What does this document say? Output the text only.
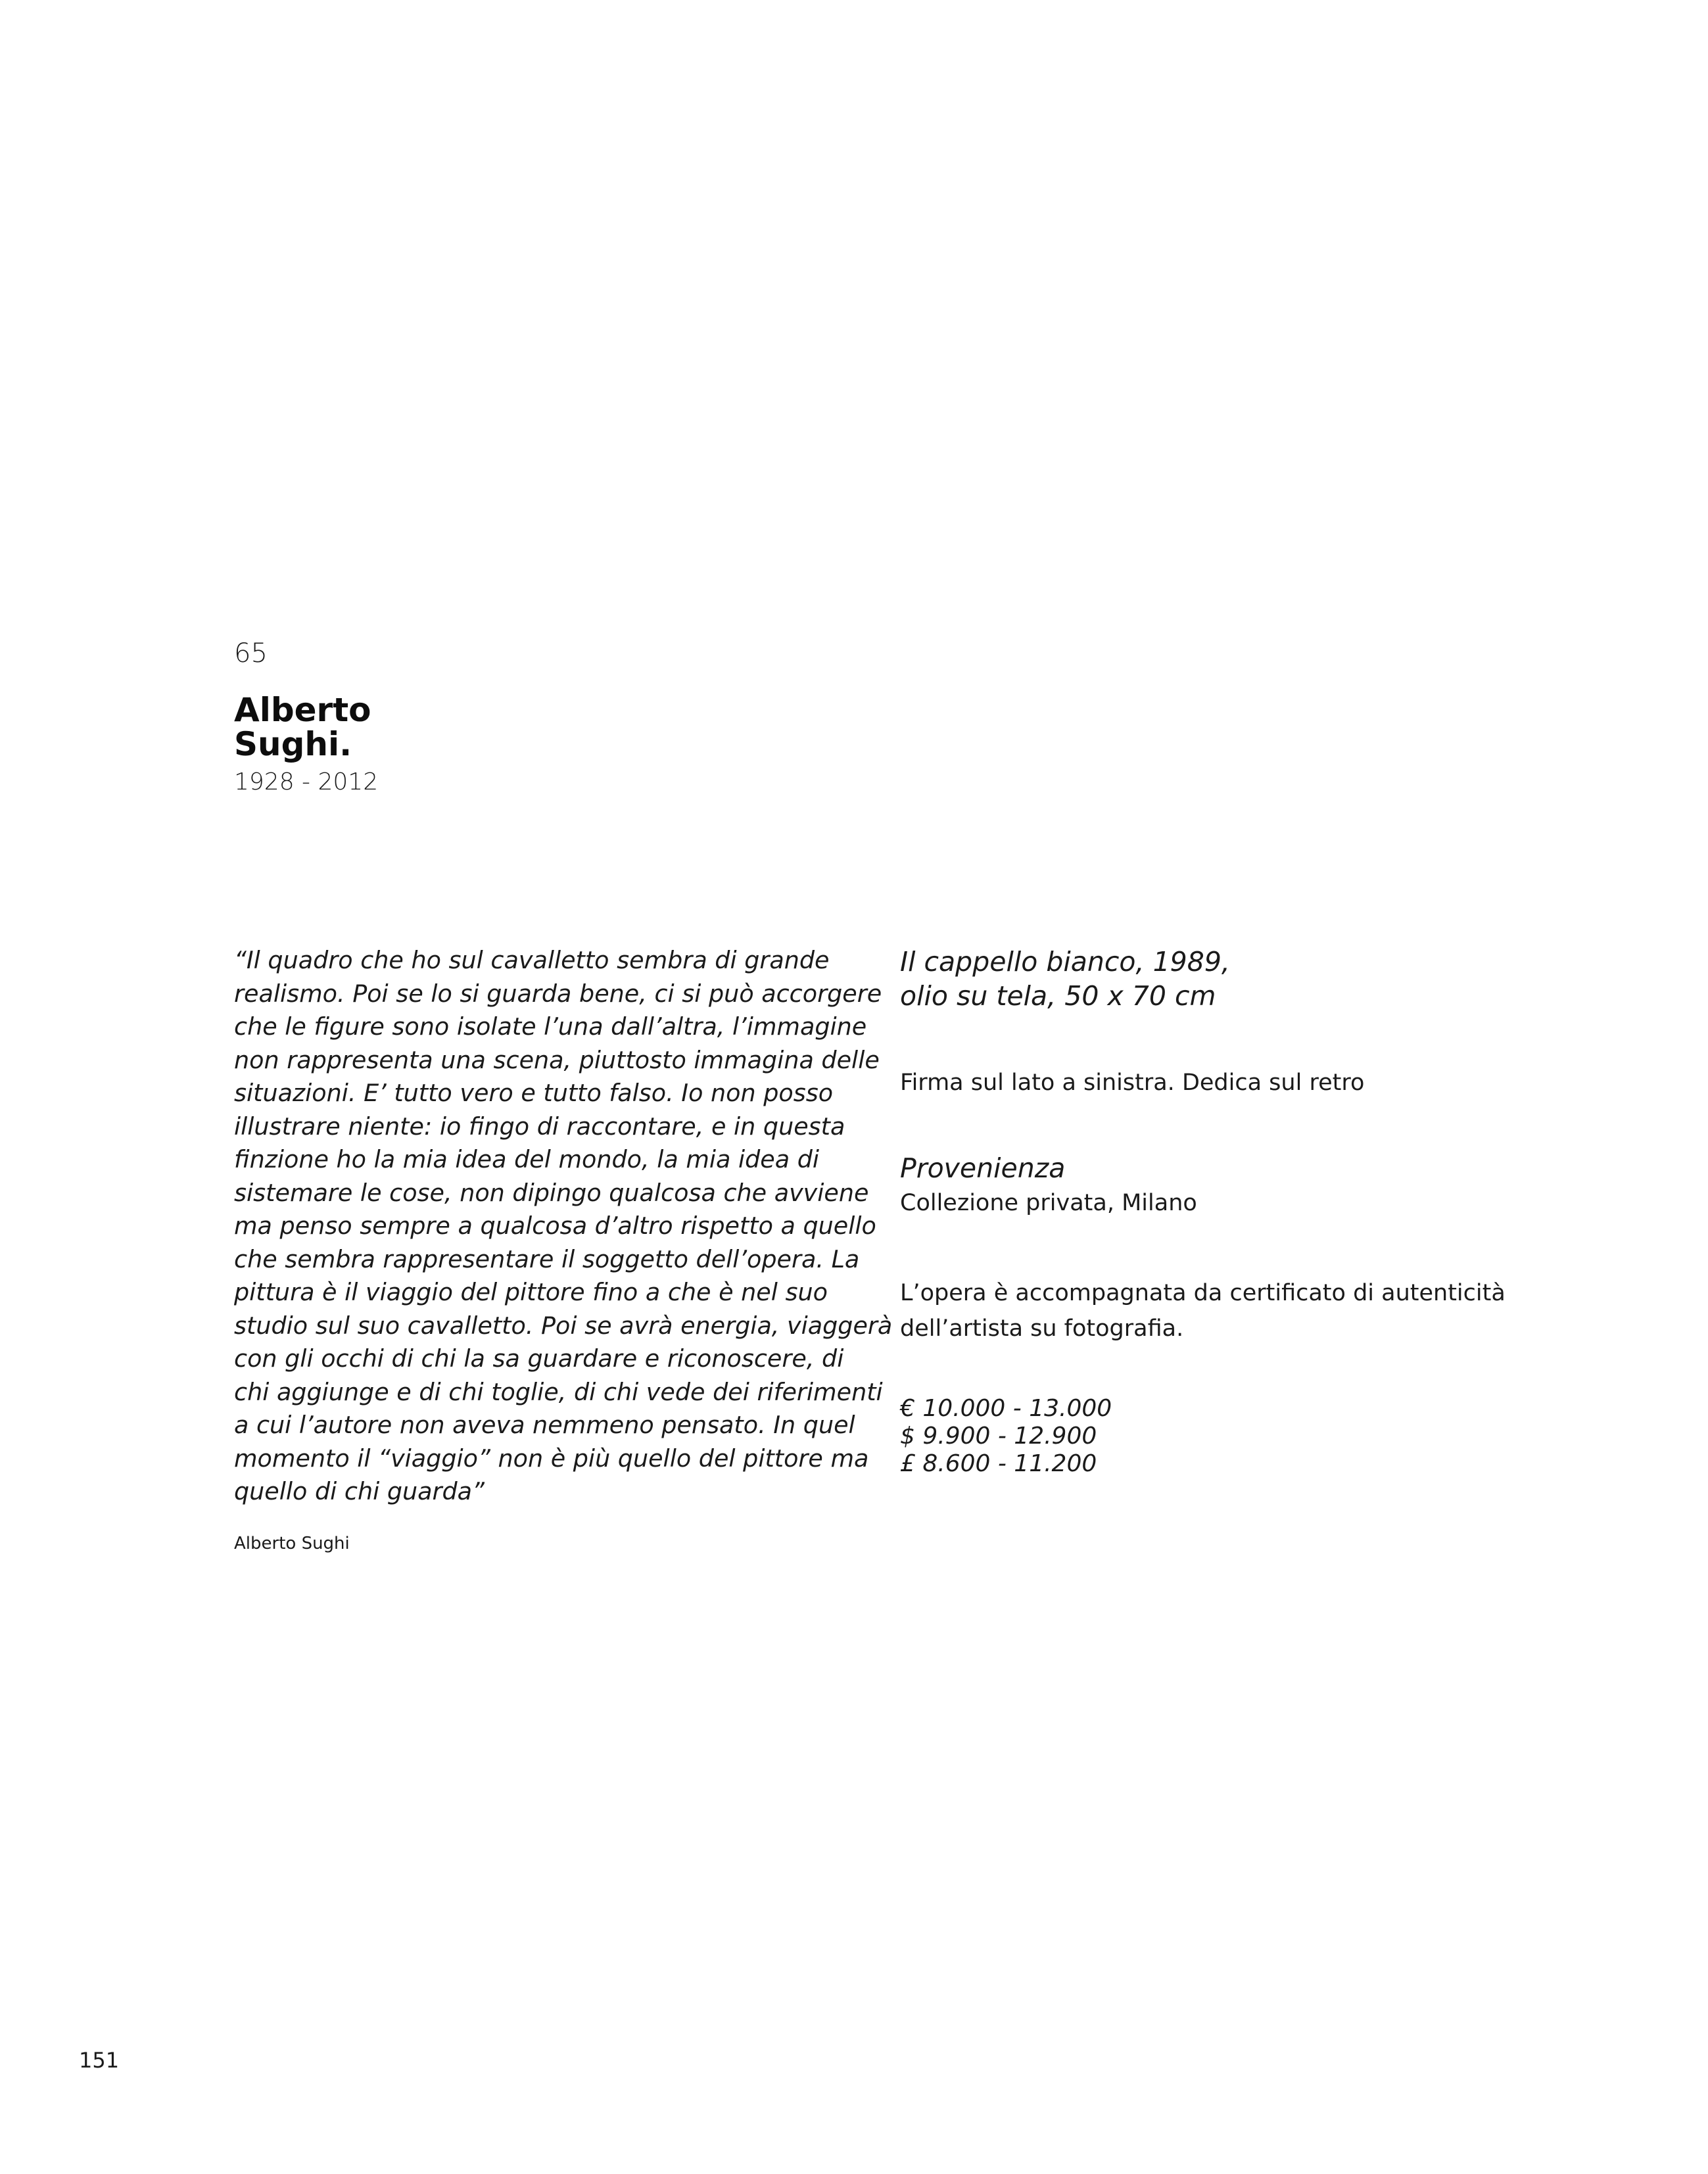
65
Alberto
Sughi.
1928 - 2012
“Il quadro che ho sul cavalletto sembra di grande
realismo. Poi se lo si guarda bene, ci si può accorgere
che le figure sono isolate l’una dall’altra, l’immagine
non rappresenta una scena, piuttosto immagina delle
situazioni. E’ tutto vero e tutto falso. Io non posso
illustrare niente: io fingo di raccontare, e in questa
finzione ho la mia idea del mondo, la mia idea di
sistemare le cose, non dipingo qualcosa che avviene
ma penso sempre a qualcosa d’altro rispetto a quello
che sembra rappresentare il soggetto dell’opera. La
pittura è il viaggio del pittore fino a che è nel suo
studio sul suo cavalletto. Poi se avrà energia, viaggerà
con gli occhi di chi la sa guardare e riconoscere, di
chi aggiunge e di chi toglie, di chi vede dei riferimenti
a cui l’autore non aveva nemmeno pensato. In quel
momento il “viaggio” non è più quello del pittore ma
quello di chi guarda”
Alberto Sughi
Il cappello bianco, 1989,
olio su tela, 50 x 70 cm
Firma sul lato a sinistra. Dedica sul retro
Provenienza
Collezione privata, Milano
L’opera è accompagnata da certificato di autenticità
dell’artista su fotografia.
€ 10.000 - 13.000
$ 9.900 - 12.900
£ 8.600 - 11.200
151
